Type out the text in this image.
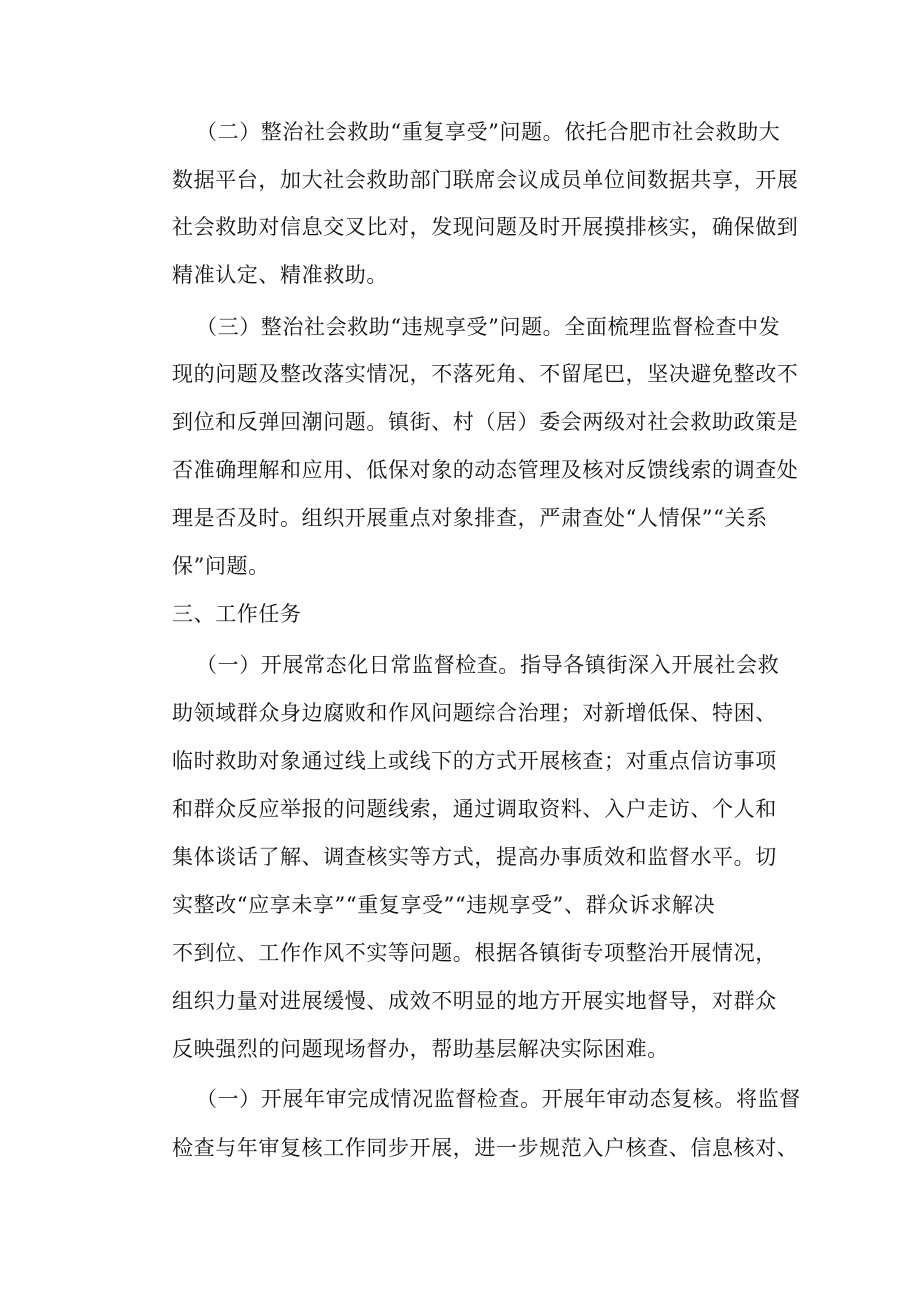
（二）整治社会救助“重复享受”问题。依托合肥市社会救助大
数据平台，加大社会救助部门联席会议成员单位间数据共享，开展
社会救助对信息交叉比对，发现问题及时开展摸排核实，确保做到
精准认定、精准救助。
（三）整治社会救助“违规享受”问题。全面梳理监督检查中发
现的问题及整改落实情况，不落死角、不留尾巴，坚决避免整改不
到位和反弹回潮问题。镇街、村（居）委会两级对社会救助政策是
否准确理解和应用、低保对象的动态管理及核对反馈线索的调查处
理是否及时。组织开展重点对象排查，严肃查处“人情保”“关系
保”问题。
三、工作任务
（一）开展常态化日常监督检查。指导各镇街深入开展社会救
助领域群众身边腐败和作风问题综合治理；对新增低保、特困、
临时救助对象通过线上或线下的方式开展核查；对重点信访事项
和群众反应举报的问题线索，通过调取资料、入户走访、个人和
集体谈话了解、调查核实等方式，提高办事质效和监督水平。切
实整改“应享未享”“重复享受”“违规享受”、群众诉求解决
不到位、工作作风不实等问题。根据各镇街专项整治开展情况，
组织力量对进展缓慢、成效不明显的地方开展实地督导，对群众
反映强烈的问题现场督办，帮助基层解决实际困难。
（一）开展年审完成情况监督检查。开展年审动态复核。将监督
检查与年审复核工作同步开展，进一步规范入户核查、信息核对、
